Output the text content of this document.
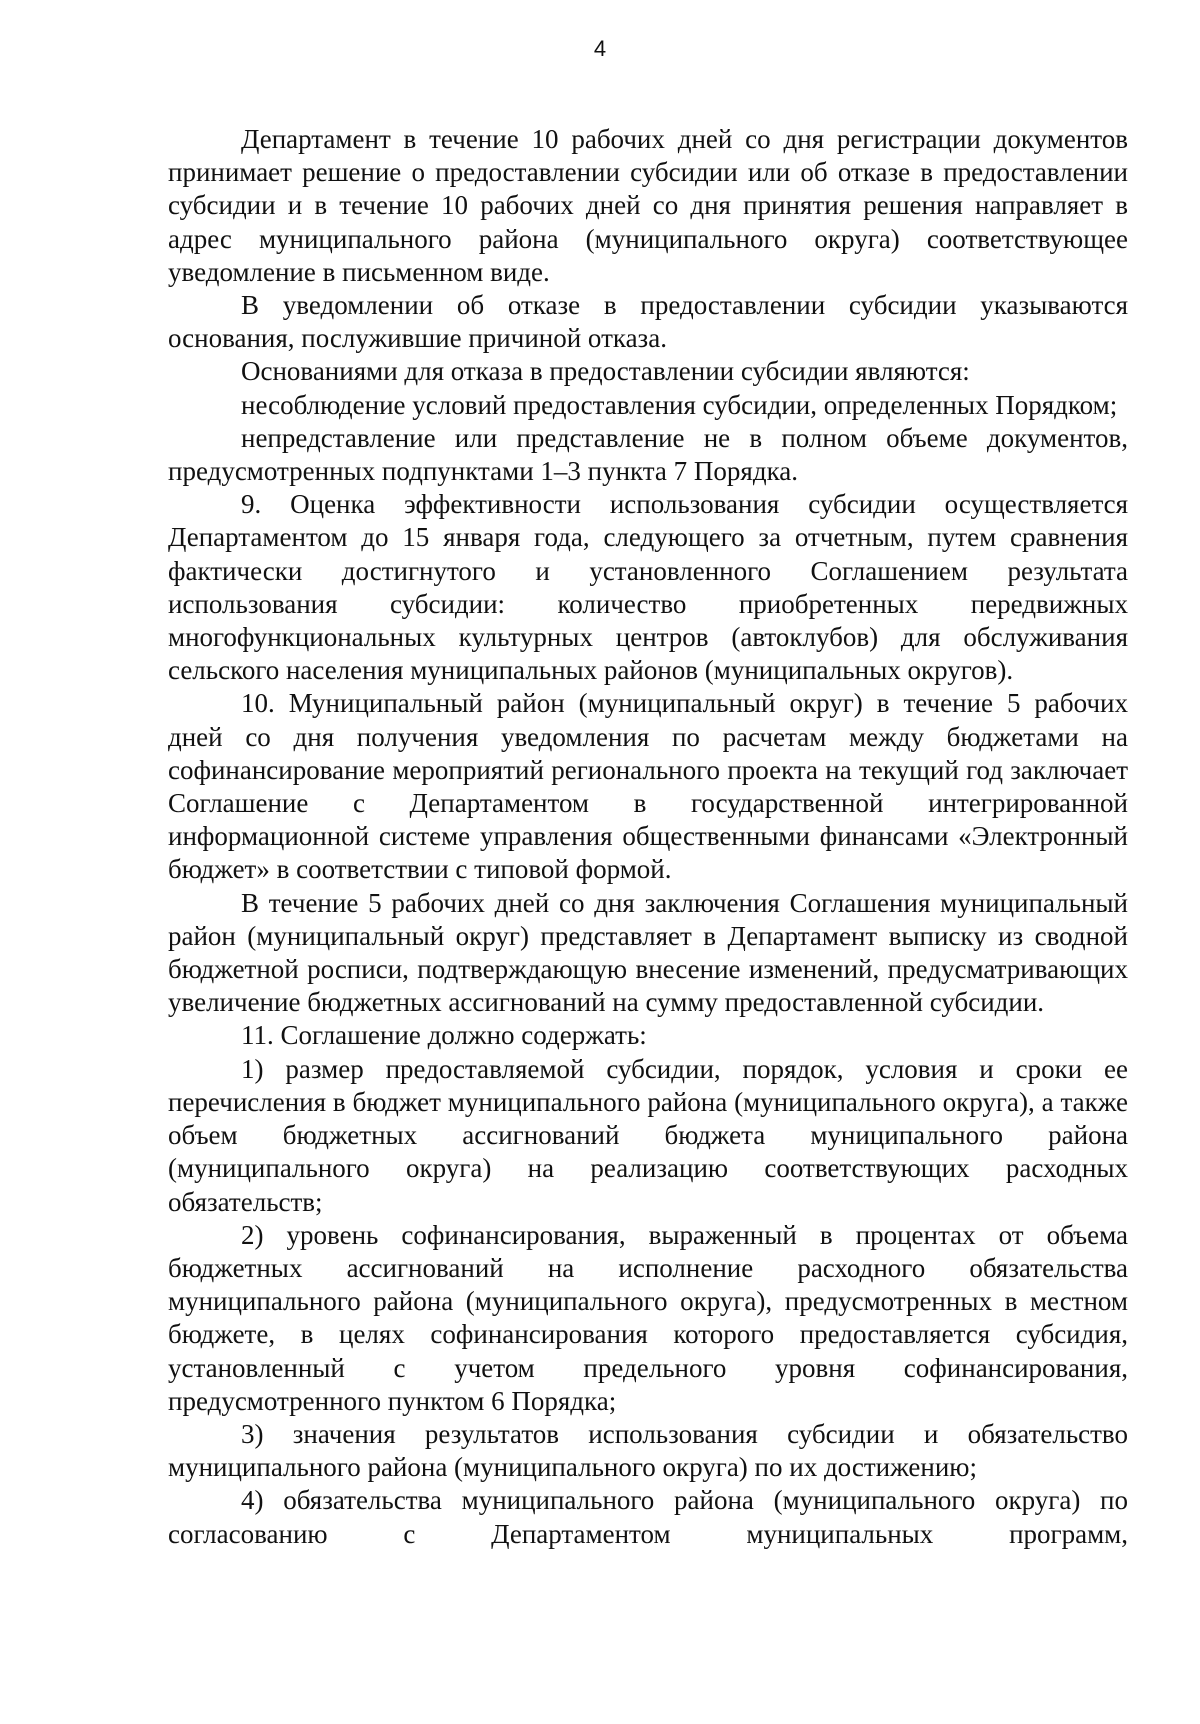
4

Департамент в течение 10 рабочих дней со дня регистрации документов принимает решение о предоставлении субсидии или об отказе в предоставлении субсидии и в течение 10 рабочих дней со дня принятия решения направляет в адрес муниципального района (муниципального округа) соответствующее уведомление в письменном виде.

В уведомлении об отказе в предоставлении субсидии указываются основания, послужившие причиной отказа.

Основаниями для отказа в предоставлении субсидии являются:

несоблюдение условий предоставления субсидии, определенных Порядком;

непредставление или представление не в полном объеме документов, предусмотренных подпунктами 1–3 пункта 7 Порядка.

9. Оценка эффективности использования субсидии осуществляется Департаментом до 15 января года, следующего за отчетным, путем сравнения фактически достигнутого и установленного Соглашением результата использования субсидии: количество приобретенных передвижных многофункциональных культурных центров (автоклубов) для обслуживания сельского населения муниципальных районов (муниципальных округов).

10. Муниципальный район (муниципальный округ) в течение 5 рабочих дней со дня получения уведомления по расчетам между бюджетами на софинансирование мероприятий регионального проекта на текущий год заключает Соглашение с Департаментом в государственной интегрированной информационной системе управления общественными финансами «Электронный бюджет» в соответствии с типовой формой.

В течение 5 рабочих дней со дня заключения Соглашения муниципальный район (муниципальный округ) представляет в Департамент выписку из сводной бюджетной росписи, подтверждающую внесение изменений, предусматривающих увеличение бюджетных ассигнований на сумму предоставленной субсидии.

11. Соглашение должно содержать:

1) размер предоставляемой субсидии, порядок, условия и сроки ее перечисления в бюджет муниципального района (муниципального округа), а также объем бюджетных ассигнований бюджета муниципального района (муниципального округа) на реализацию соответствующих расходных обязательств;

2) уровень софинансирования, выраженный в процентах от объема бюджетных ассигнований на исполнение расходного обязательства муниципального района (муниципального округа), предусмотренных в местном бюджете, в целях софинансирования которого предоставляется субсидия, установленный с учетом предельного уровня софинансирования, предусмотренного пунктом 6 Порядка;

3) значения результатов использования субсидии и обязательство муниципального района (муниципального округа) по их достижению;

4) обязательства муниципального района (муниципального округа) по согласованию с Департаментом муниципальных программ,
